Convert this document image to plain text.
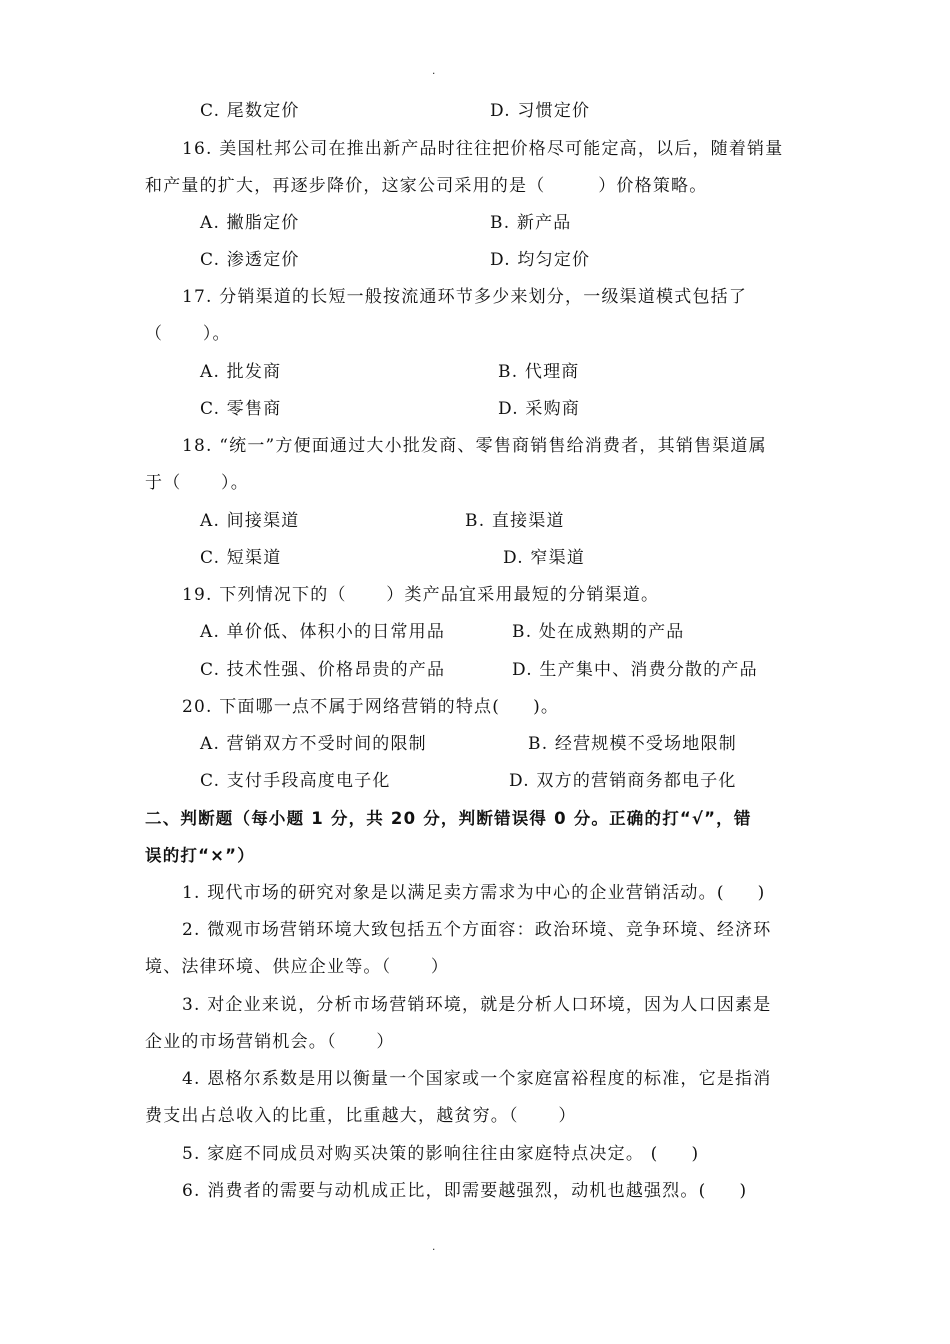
.
C. 尾数定价	D. 习惯定价
16. 美国杜邦公司在推出新产品时往往把价格尽可能定高，以后，随着销量
和产量的扩大，再逐步降价，这家公司采用的是（        ）价格策略。
A. 撇脂定价	B. 新产品
C. 渗透定价	D. 均匀定价
17. 分销渠道的长短一般按流通环节多少来划分，一级渠道模式包括了
（      ）。
A. 批发商	B. 代理商
C. 零售商	D. 采购商
18. “统一”方便面通过大小批发商、零售商销售给消费者，其销售渠道属
于（      ）。
A. 间接渠道	B. 直接渠道
C. 短渠道	D. 窄渠道
19. 下列情况下的（      ）类产品宜采用最短的分销渠道。
A. 单价低、体积小的日常用品	B. 处在成熟期的产品
C. 技术性强、价格昂贵的产品	D. 生产集中、消费分散的产品
20. 下面哪一点不属于网络营销的特点(     )。
A. 营销双方不受时间的限制	B. 经营规模不受场地限制
C. 支付手段高度电子化	D. 双方的营销商务都电子化
二、判断题（每小题 1 分，共 20 分，判断错误得 0 分。正确的打“√”，错
误的打“×”）
1. 现代市场的研究对象是以满足卖方需求为中心的企业营销活动。(     )
2. 微观市场营销环境大致包括五个方面容：政治环境、竞争环境、经济环
境、法律环境、供应企业等。（      ）
3. 对企业来说，分析市场营销环境，就是分析人口环境，因为人口因素是
企业的市场营销机会。（      ）
4. 恩格尔系数是用以衡量一个国家或一个家庭富裕程度的标准，它是指消
费支出占总收入的比重，比重越大，越贫穷。（      ）
5. 家庭不同成员对购买决策的影响往往由家庭特点决定。 (     )
6. 消费者的需要与动机成正比，即需要越强烈，动机也越强烈。(     )
.
